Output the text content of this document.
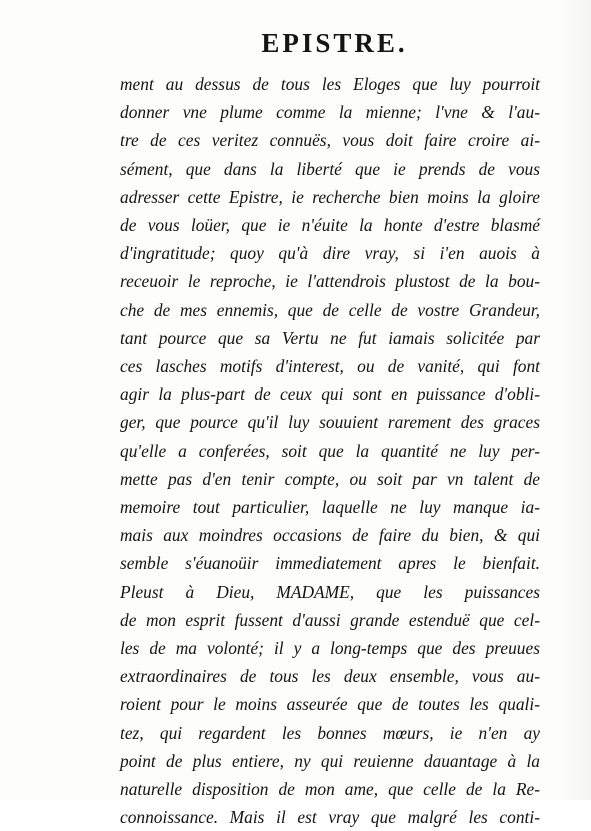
EPISTRE.
ment au dessus de tous les Eloges que luy pourroit
donner vne plume comme la mienne; l'vne & l'au-
tre de ces veritez connuës, vous doit faire croire ai-
sément, que dans la liberté que ie prends de vous
adresser cette Epistre, ie recherche bien moins la gloire
de vous loüer, que ie n'éuite la honte d'estre blasmé
d'ingratitude; quoy qu'à dire vray, si i'en auois à
receuoir le reproche, ie l'attendrois plustost de la bou-
che de mes ennemis, que de celle de vostre Grandeur,
tant pource que sa Vertu ne fut iamais solicitée par
ces lasches motifs d'interest, ou de vanité, qui font
agir la plus-part de ceux qui sont en puissance d'obli-
ger, que pource qu'il luy souuient rarement des graces
qu'elle a conferées, soit que la quantité ne luy per-
mette pas d'en tenir compte, ou soit par vn talent de
memoire tout particulier, laquelle ne luy manque ia-
mais aux moindres occasions de faire du bien, & qui
semble s'éuanoüir immediatement apres le bienfait.
Pleust à Dieu, MADAME, que les puissances
de mon esprit fussent d'aussi grande estenduë que cel-
les de ma volonté; il y a long-temps que des preuues
extraordinaires de tous les deux ensemble, vous au-
roient pour le moins asseurée que de toutes les quali-
tez, qui regardent les bonnes mœurs, ie n'en ay
point de plus entiere, ny qui reuienne dauantage à la
naturelle disposition de mon ame, que celle de la Re-
connoissance. Mais il est vray que malgré les conti-
